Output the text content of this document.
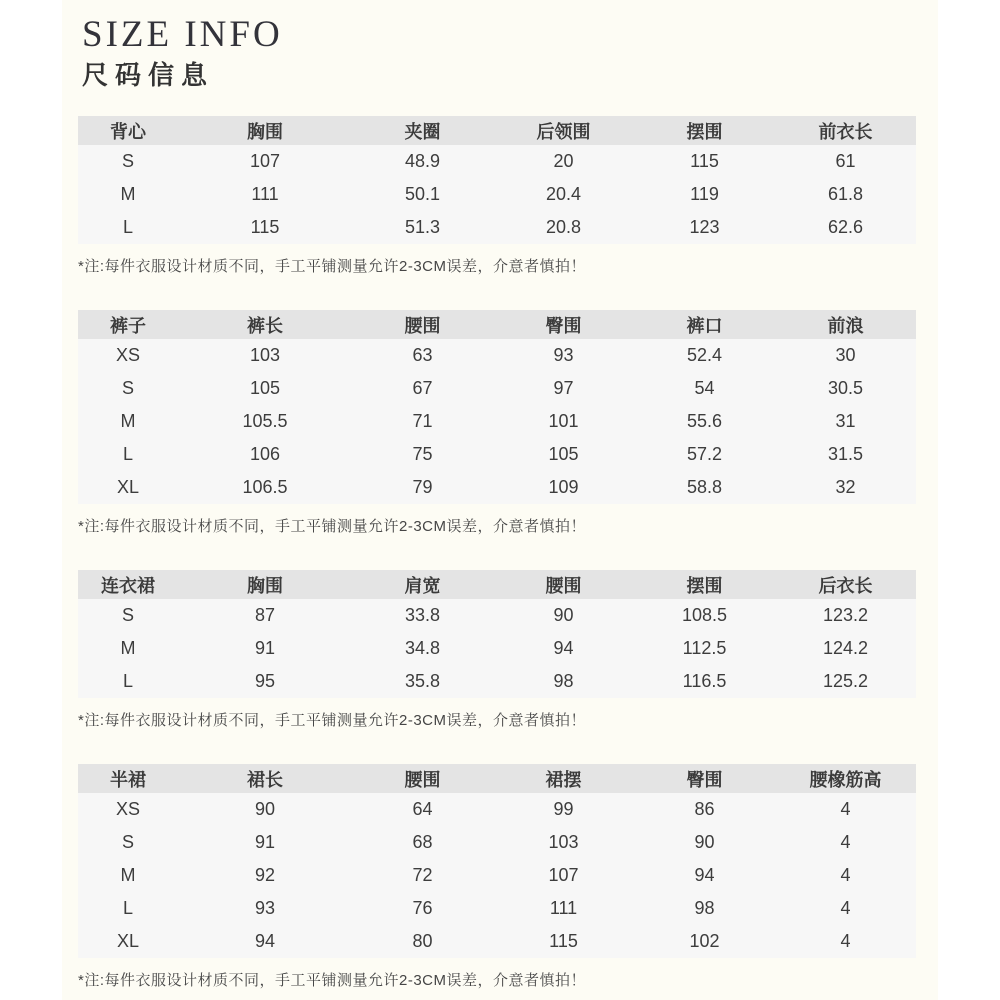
SIZE INFO
尺码信息
背心	胸围	夹圈	后领围	摆围	前衣长
S	107	48.9	20	115	61
M	111	50.1	20.4	119	61.8
L	115	51.3	20.8	123	62.6

*注:每件衣服设计材质不同，手工平铺测量允许2-3CM误差，介意者慎拍！

裤子	裤长	腰围	臀围	裤口	前浪
XS	103	63	93	52.4	30
S	105	67	97	54	30.5
M	105.5	71	101	55.6	31
L	106	75	105	57.2	31.5
XL	106.5	79	109	58.8	32

*注:每件衣服设计材质不同，手工平铺测量允许2-3CM误差，介意者慎拍！

连衣裙	胸围	肩宽	腰围	摆围	后衣长
S	87	33.8	90	108.5	123.2
M	91	34.8	94	112.5	124.2
L	95	35.8	98	116.5	125.2

*注:每件衣服设计材质不同，手工平铺测量允许2-3CM误差，介意者慎拍！

半裙	裙长	腰围	裙摆	臀围	腰橡筋高
XS	90	64	99	86	4
S	91	68	103	90	4
M	92	72	107	94	4
L	93	76	111	98	4
XL	94	80	115	102	4

*注:每件衣服设计材质不同，手工平铺测量允许2-3CM误差，介意者慎拍！
